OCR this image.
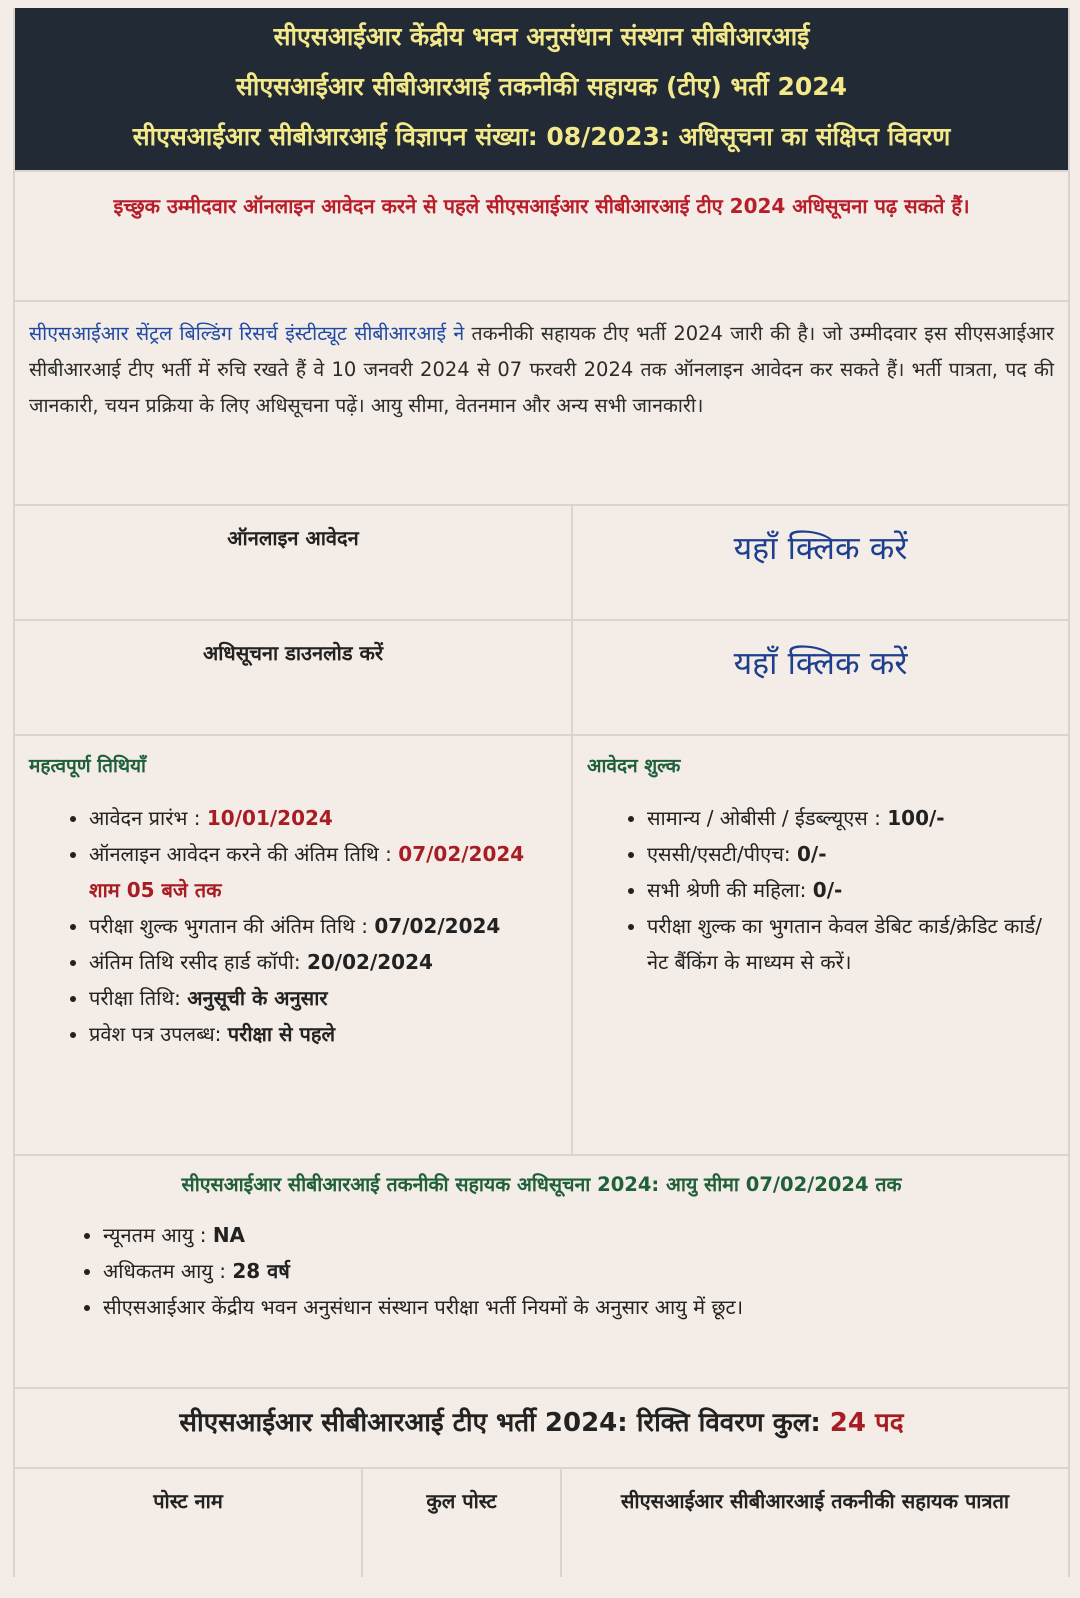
सीएसआईआर केंद्रीय भवन अनुसंधान संस्थान सीबीआरआई
सीएसआईआर सीबीआरआई तकनीकी सहायक (टीए) भर्ती 2024
सीएसआईआर सीबीआरआई विज्ञापन संख्या: 08/2023: अधिसूचना का संक्षिप्त विवरण
इच्छुक उम्मीदवार ऑनलाइन आवेदन करने से पहले सीएसआईआर सीबीआरआई टीए 2024 अधिसूचना पढ़ सकते हैं।
सीएसआईआर सेंट्रल बिल्डिंग रिसर्च इंस्टीट्यूट सीबीआरआई ने तकनीकी सहायक टीए भर्ती 2024 जारी की है। जो उम्मीदवार इस सीएसआईआर सीबीआरआई टीए भर्ती में रुचि रखते हैं वे 10 जनवरी 2024 से 07 फरवरी 2024 तक ऑनलाइन आवेदन कर सकते हैं। भर्ती पात्रता, पद की जानकारी, चयन प्रक्रिया के लिए अधिसूचना पढ़ें। आयु सीमा, वेतनमान और अन्य सभी जानकारी।
ऑनलाइन आवेदन	यहाँ क्लिक करें
अधिसूचना डाउनलोड करें	यहाँ क्लिक करें
महत्वपूर्ण तिथियाँ
• आवेदन प्रारंभ : 10/01/2024
• ऑनलाइन आवेदन करने की अंतिम तिथि : 07/02/2024 शाम 05 बजे तक
• परीक्षा शुल्क भुगतान की अंतिम तिथि : 07/02/2024
• अंतिम तिथि रसीद हार्ड कॉपी: 20/02/2024
• परीक्षा तिथि: अनुसूची के अनुसार
• प्रवेश पत्र उपलब्ध: परीक्षा से पहले
आवेदन शुल्क
• सामान्य / ओबीसी / ईडब्ल्यूएस : 100/-
• एससी/एसटी/पीएच: 0/-
• सभी श्रेणी की महिला: 0/-
• परीक्षा शुल्क का भुगतान केवल डेबिट कार्ड/क्रेडिट कार्ड/नेट बैंकिंग के माध्यम से करें।
सीएसआईआर सीबीआरआई तकनीकी सहायक अधिसूचना 2024: आयु सीमा 07/02/2024 तक
• न्यूनतम आयु : NA
• अधिकतम आयु : 28 वर्ष
• सीएसआईआर केंद्रीय भवन अनुसंधान संस्थान परीक्षा भर्ती नियमों के अनुसार आयु में छूट।
सीएसआईआर सीबीआरआई टीए भर्ती 2024: रिक्ति विवरण कुल: 24 पद
पोस्ट नाम	कुल पोस्ट	सीएसआईआर सीबीआरआई तकनीकी सहायक पात्रता
